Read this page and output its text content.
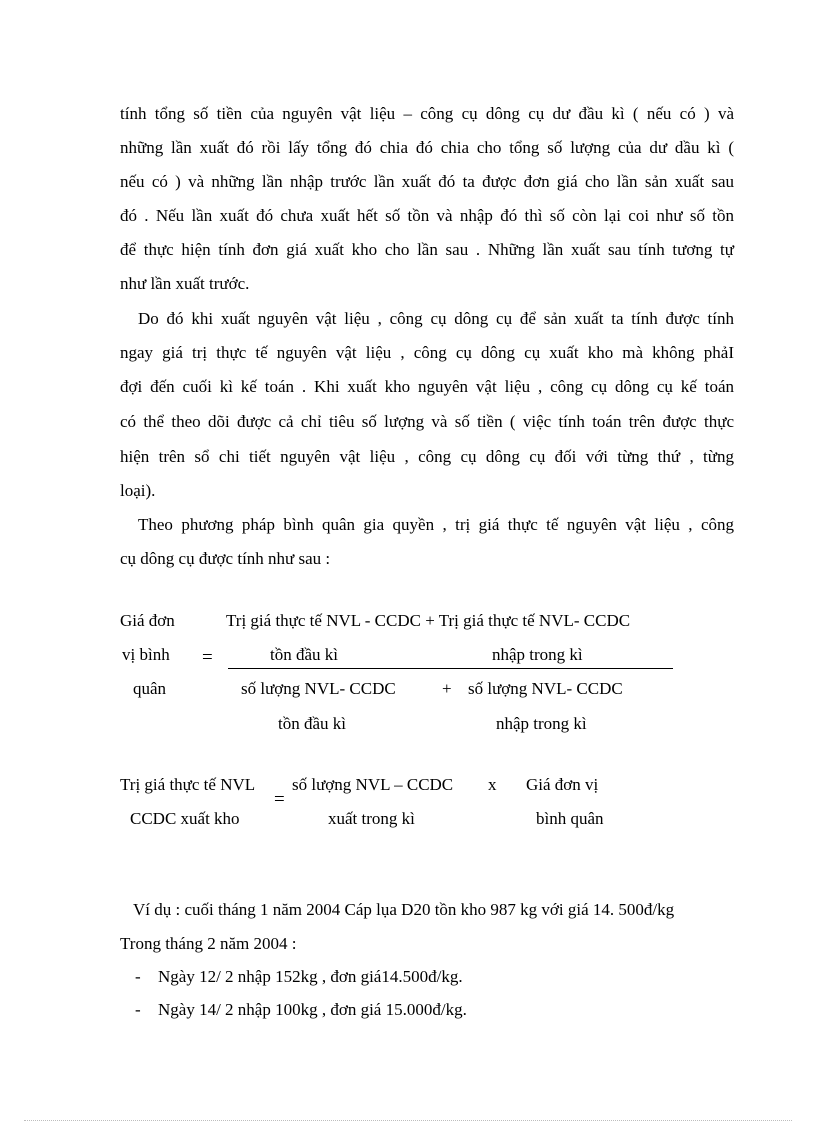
tính tổng số tiền của nguyên vật liệu – công cụ dông cụ dư đầu kì ( nếu có ) và
những lần xuất đó rồi lấy tổng đó chia đó chia cho tổng số lượng của dư dầu kì (
nếu có ) và những lần nhập trước lần xuất đó ta được đơn giá cho lần sản xuất sau
đó . Nếu lần xuất đó chưa xuất hết số tồn và nhập đó thì số còn lại coi như số tồn
để thực hiện tính đơn giá xuất kho cho lần sau . Những lần xuất sau tính tương tự
như lần xuất trước.
Do đó khi xuất nguyên vật liệu , công cụ dông cụ để sản xuất ta tính được tính
ngay giá trị thực tế nguyên vật liệu , công cụ dông cụ xuất kho mà không phảI
đợi đến cuối kì kế toán . Khi xuất kho nguyên vật liệu , công cụ dông cụ kế toán
có thể theo dõi được cả chỉ tiêu số lượng và số tiền ( việc tính toán trên được thực
hiện trên sổ chi tiết nguyên vật liệu , công cụ dông cụ đối với từng thứ , từng
loại).
Theo phương pháp bình quân gia quyền , trị giá thực tế nguyên vật liệu , công
cụ dông cụ được tính như sau :
Giá đơn
vị bình
quân
=
Trị giá thực tế NVL - CCDC + Trị giá thực tế NVL- CCDC
tồn đầu kì	nhập trong kì
số lượng NVL- CCDC	+ số lượng NVL- CCDC
tồn đầu kì	nhập trong kì
Trị giá thực tế NVL
CCDC xuất kho
=
số lượng NVL – CCDC
xuất trong kì
x Giá đơn vị
bình quân
Ví dụ : cuối tháng 1 năm 2004 Cáp lụa D20 tồn kho 987 kg với giá 14. 500đ/kg
Trong tháng 2 năm 2004 :
- Ngày 12/ 2 nhập 152kg , đơn giá14.500đ/kg.
- Ngày 14/ 2 nhập 100kg , đơn giá 15.000đ/kg.
